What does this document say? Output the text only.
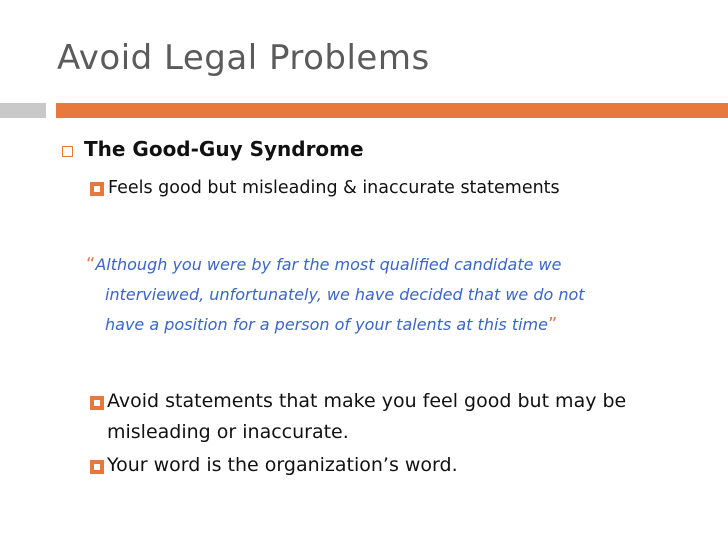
Avoid Legal Problems
The Good-Guy Syndrome
Feels good but misleading & inaccurate statements
“Although you were by far the most qualified candidate we
interviewed, unfortunately, we have decided that we do not
have a position for a person of your talents at this time”
Avoid statements that make you feel good but may be
misleading or inaccurate.
Your word is the organization’s word.
